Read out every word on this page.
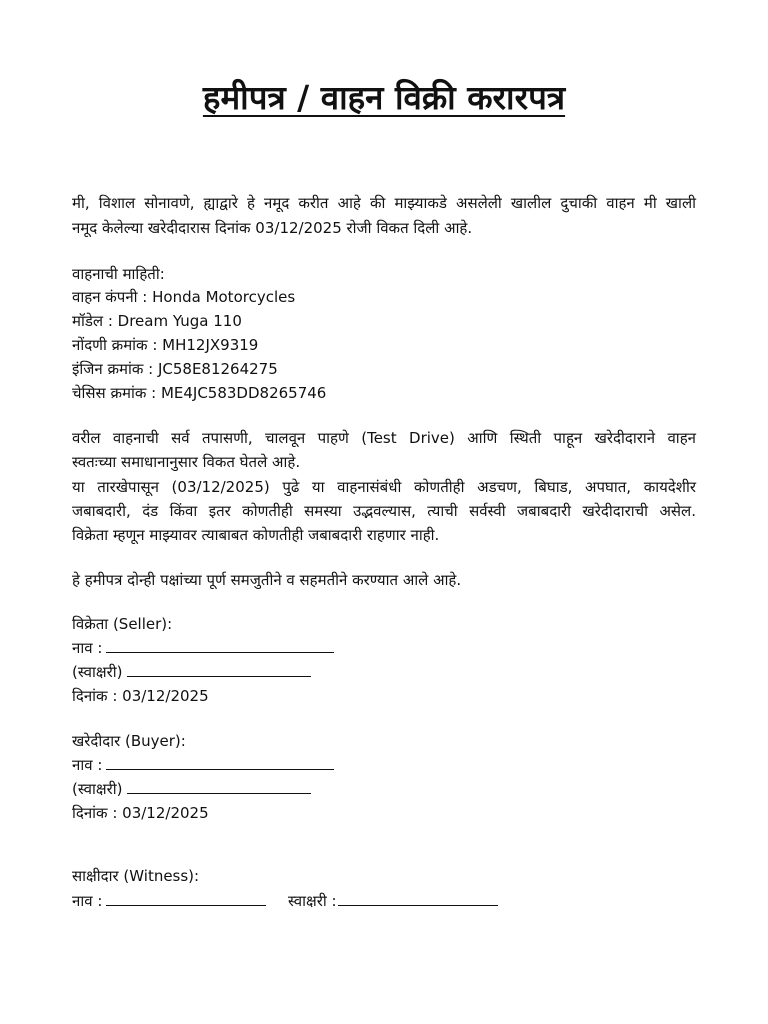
हमीपत्र / वाहन विक्री करारपत्र
मी, विशाल सोनावणे, ह्याद्वारे हे नमूद करीत आहे की माझ्याकडे असलेली खालील दुचाकी वाहन मी खाली
नमूद केलेल्या खरेदीदारास दिनांक 03/12/2025 रोजी विकत दिली आहे.
वाहनाची माहिती:
वाहन कंपनी : Honda Motorcycles
मॉडेल : Dream Yuga 110
नोंदणी क्रमांक : MH12JX9319
इंजिन क्रमांक : JC58E81264275
चेसिस क्रमांक : ME4JC583DD8265746
वरील वाहनाची सर्व तपासणी, चालवून पाहणे (Test Drive) आणि स्थिती पाहून खरेदीदाराने वाहन
स्वतःच्या समाधानानुसार विकत घेतले आहे.
या तारखेपासून (03/12/2025) पुढे या वाहनासंबंधी कोणतीही अडचण, बिघाड, अपघात, कायदेशीर
जबाबदारी, दंड किंवा इतर कोणतीही समस्या उद्भवल्यास, त्याची सर्वस्वी जबाबदारी खरेदीदाराची असेल.
विक्रेता म्हणून माझ्यावर त्याबाबत कोणतीही जबाबदारी राहणार नाही.
हे हमीपत्र दोन्ही पक्षांच्या पूर्ण समजुतीने व सहमतीने करण्यात आले आहे.
विक्रेता (Seller):
नाव :
(स्वाक्षरी)
दिनांक : 03/12/2025
खरेदीदार (Buyer):
नाव :
(स्वाक्षरी)
दिनांक : 03/12/2025
साक्षीदार (Witness):
नाव :	स्वाक्षरी :
